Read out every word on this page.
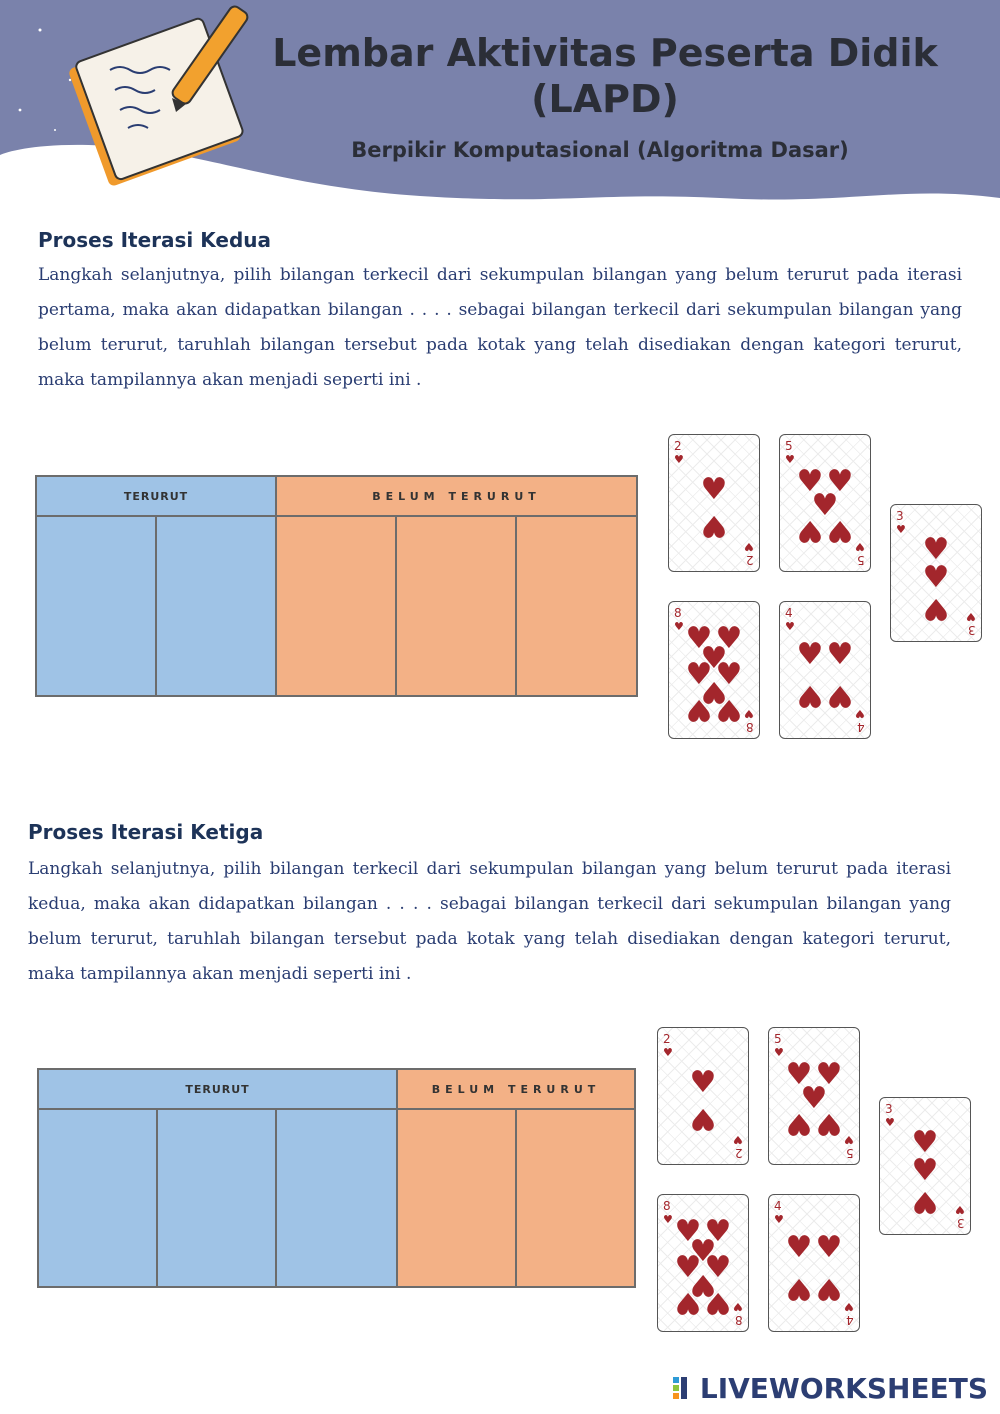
Lembar Aktivitas Peserta Didik (LAPD)
Berpikir Komputasional (Algoritma Dasar)
Proses Iterasi Kedua
Langkah selanjutnya, pilih bilangan terkecil dari sekumpulan bilangan yang belum terurut pada iterasi pertama, maka akan didapatkan bilangan . . . . sebagai bilangan terkecil dari sekumpulan bilangan yang belum terurut, taruhlah bilangan tersebut pada kotak yang telah disediakan dengan kategori terurut, maka tampilannya akan menjadi seperti ini .
TERURUT	BELUM TERURUT
2
♥
2
♥
♥
♥
5
♥
5
♥
♥ ♥
♥
♥ ♥	3
♥
3
♥
♥
♥
♥
8
♥
8
♥
♥ ♥
♥
♥ ♥
♥
♥ ♥
4
♥
4
♥
♥ ♥
♥ ♥
Proses Iterasi Ketiga
Langkah selanjutnya, pilih bilangan terkecil dari sekumpulan bilangan yang belum terurut pada iterasi kedua, maka akan didapatkan bilangan . . . . sebagai bilangan terkecil dari sekumpulan bilangan yang belum terurut, taruhlah bilangan tersebut pada kotak yang telah disediakan dengan kategori terurut, maka tampilannya akan menjadi seperti ini .
TERURUT	BELUM TERURUT
2
♥
2
♥
♥
♥
5
♥
5
♥
♥ ♥
♥
♥ ♥	3
♥
3
♥
♥
♥
♥
8
♥
8
♥
♥ ♥
♥
♥ ♥
♥
♥ ♥
4
♥
4
♥
♥ ♥
♥ ♥
LIVEWORKSHEETS
